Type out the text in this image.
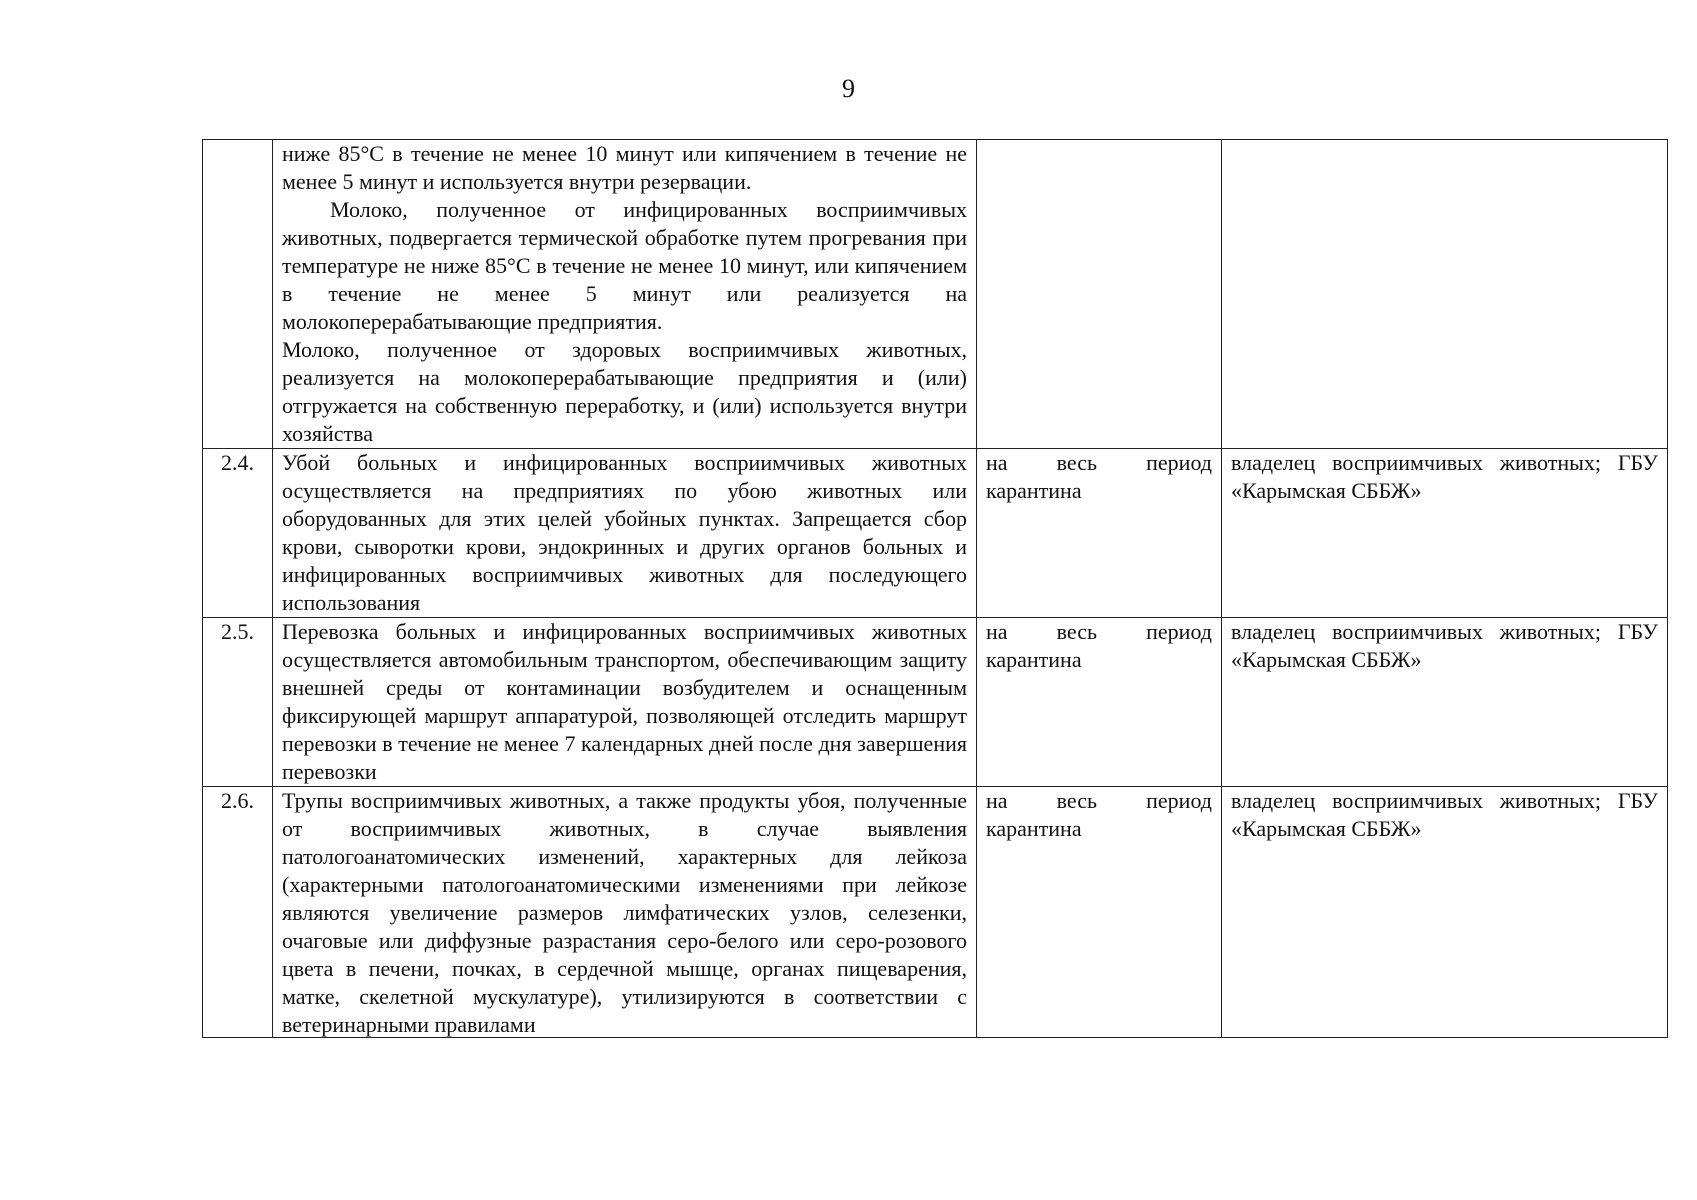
9

	ниже 85°С в течение не менее 10 минут или кипячением в течение не менее 5 минут и используется внутри резервации.

Молоко, полученное от инфицированных восприимчивых животных, подвергается термической обработке путем прогревания при температуре не ниже 85°С в течение не менее 10 минут, или кипячением в течение не менее 5 минут или реализуется на молокоперерабатывающие предприятия.

Молоко, полученное от здоровых восприимчивых животных, реализуется на молокоперерабатывающие предприятия и (или) отгружается на собственную переработку, и (или) используется внутри хозяйства		

2.4.	Убой больных и инфицированных восприимчивых животных осуществляется на предприятиях по убою животных или оборудованных для этих целей убойных пунктах. Запрещается сбор крови, сыворотки крови, эндокринных и других органов больных и инфицированных восприимчивых животных для последующего использования	на весь период карантина	владелец восприимчивых животных; ГБУ «Карымская СББЖ»
2.5.	Перевозка больных и инфицированных восприимчивых животных осуществляется автомобильным транспортом, обеспечивающим защиту внешней среды от контаминации возбудителем и оснащенным фиксирующей маршрут аппаратурой, позволяющей отследить маршрут перевозки в течение не менее 7 календарных дней после дня завершения перевозки	на весь период карантина	владелец восприимчивых животных; ГБУ «Карымская СББЖ»
2.6.	Трупы восприимчивых животных, а также продукты убоя, полученные от восприимчивых животных, в случае выявления патологоанатомических изменений, характерных для лейкоза (характерными патологоанатомическими изменениями при лейкозе являются увеличение размеров лимфатических узлов, селезенки, очаговые или диффузные разрастания серо-белого или серо-розового цвета в печени, почках, в сердечной мышце, органах пищеварения, матке, скелетной мускулатуре), утилизируются в соответствии с ветеринарными правилами	на весь период карантина	владелец восприимчивых животных; ГБУ «Карымская СББЖ»
